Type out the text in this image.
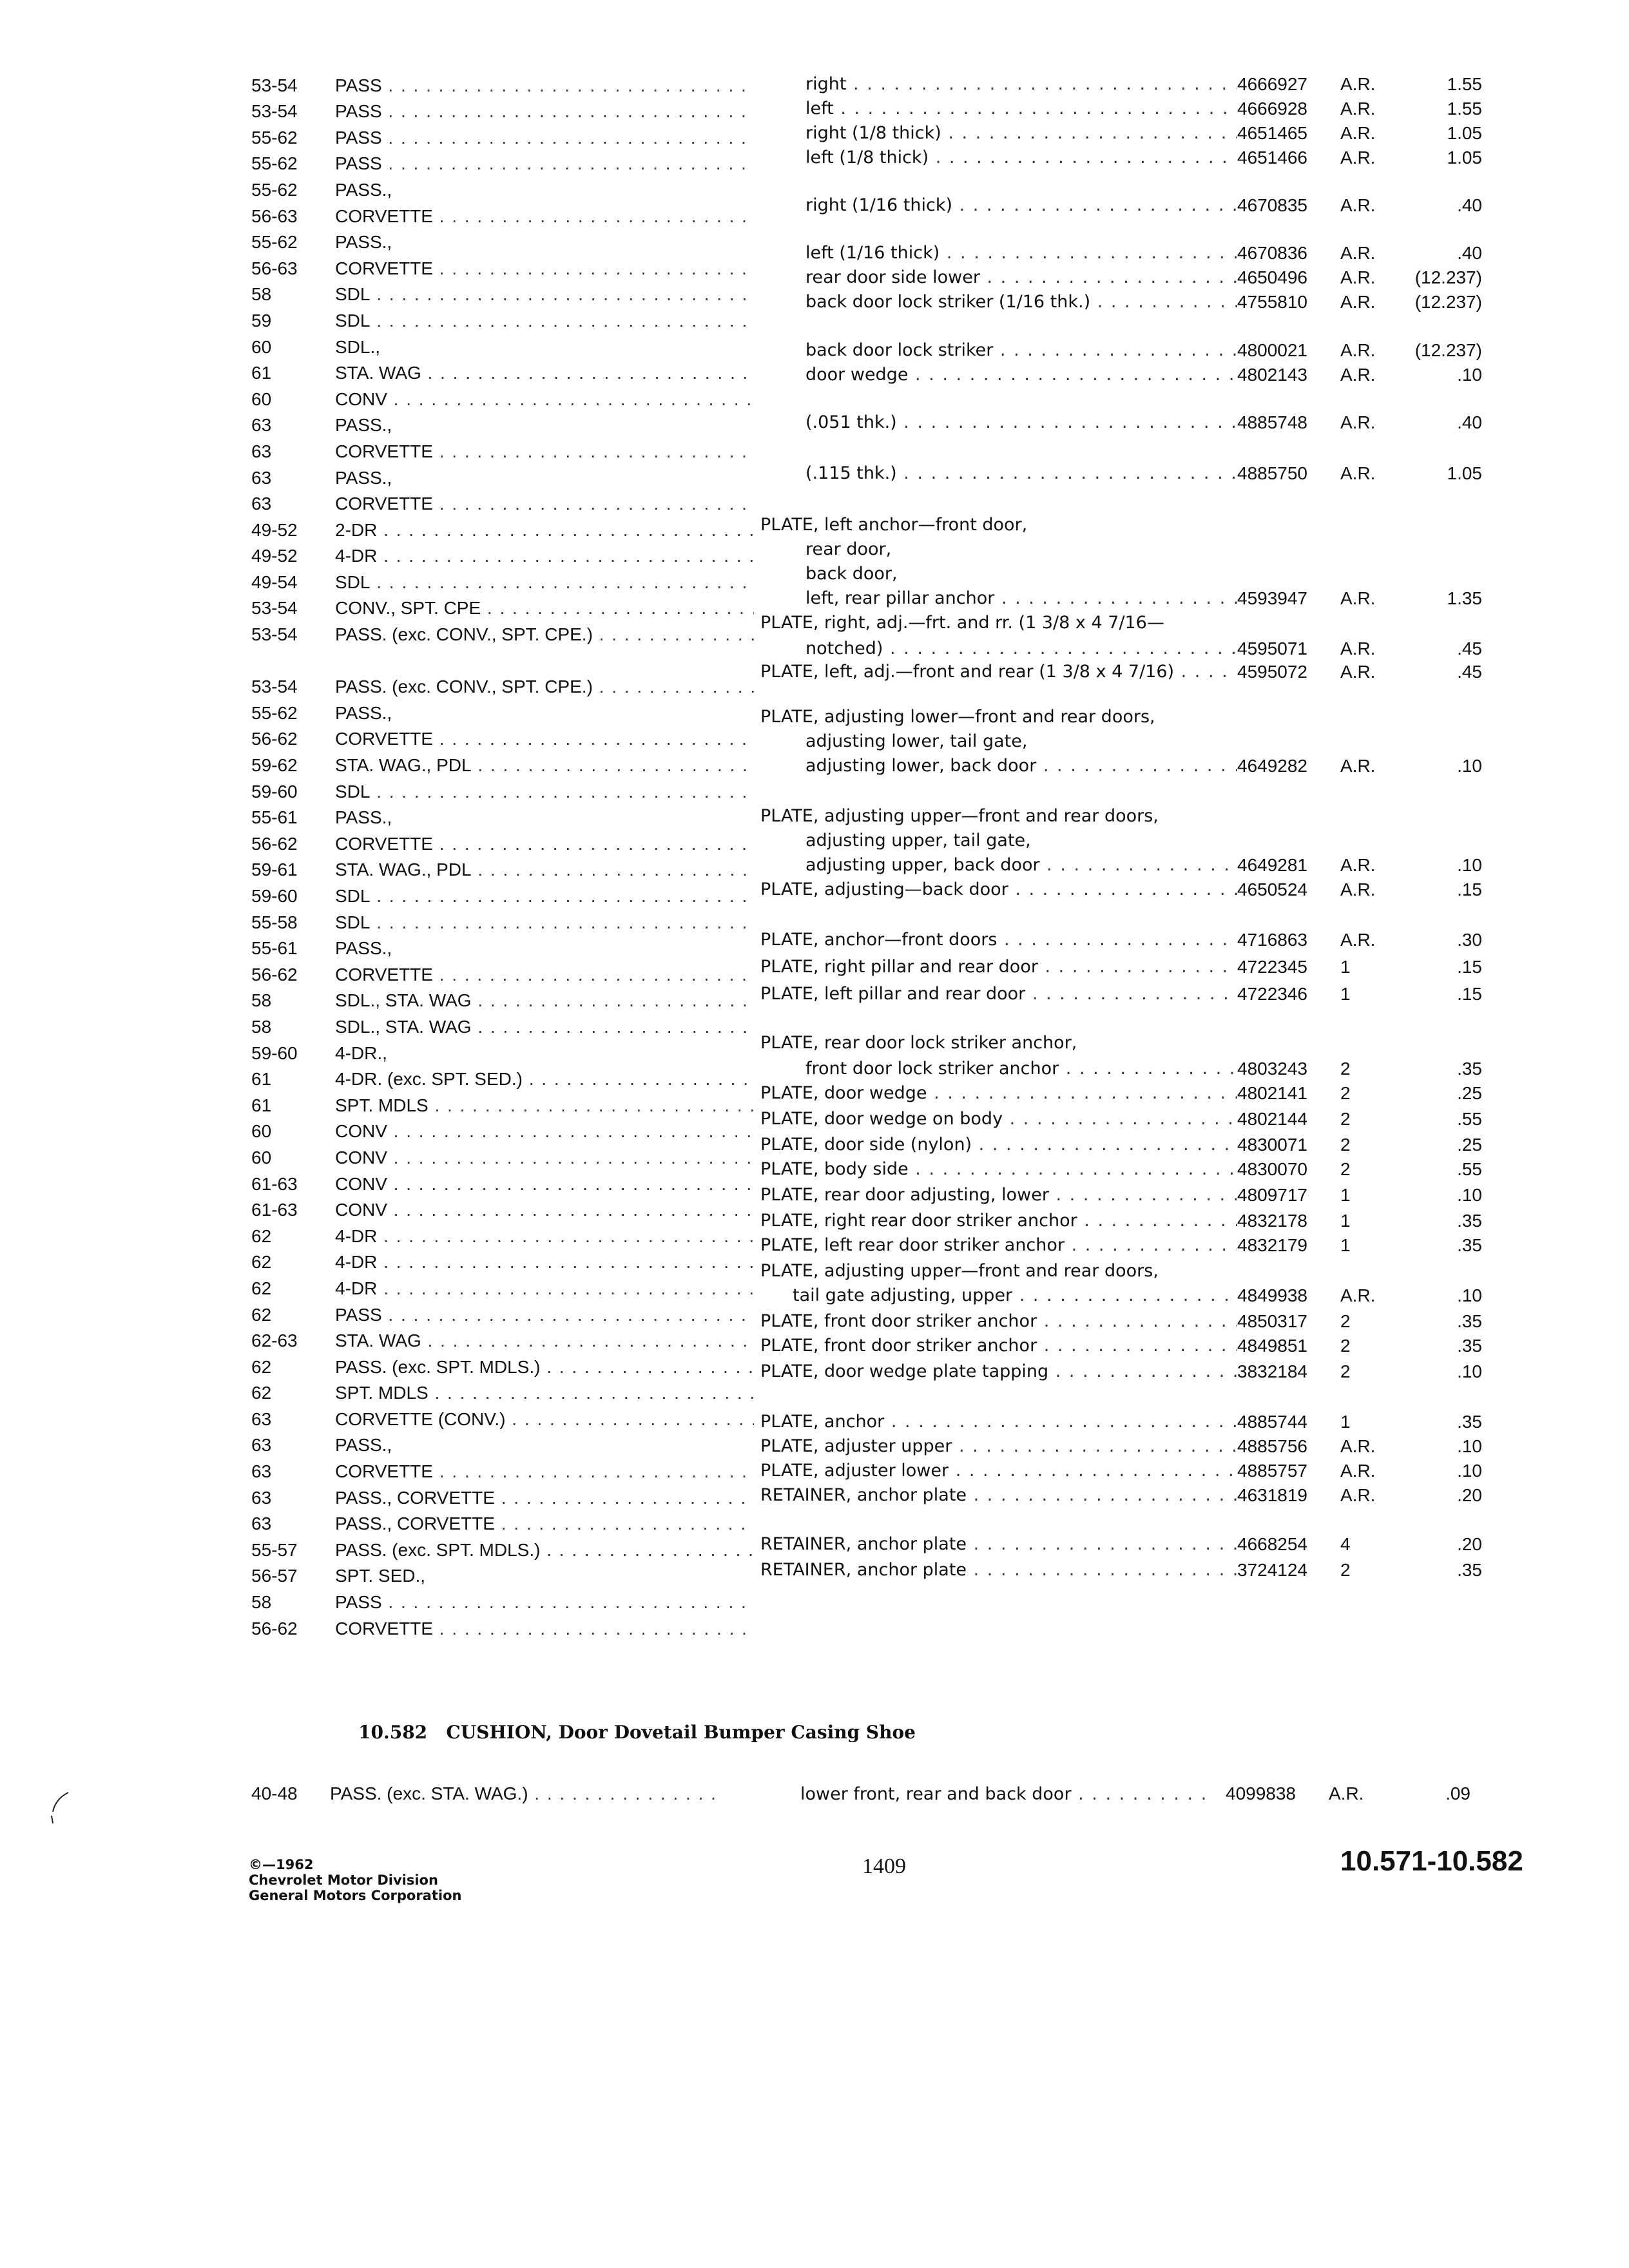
53-54	PASS . . .
53-54	PASS . . .
55-62	PASS . . .
55-62	PASS . . .
55-62	PASS.,
56-63	CORVETTE . . .
55-62	PASS.,
56-63	CORVETTE . . .
58	SDL . . .
59	SDL . . .
60	SDL.,
61	STA. WAG . . .
60	CONV . . .
63	PASS.,
63	CORVETTE . . .
63	PASS.,
63	CORVETTE . . .
49-52	2-DR . . .
49-52	4-DR . . .
49-54	SDL . . .
53-54	CONV., SPT. CPE . . .
53-54	PASS. (exc. CONV., SPT. CPE.) . . .
53-54	PASS. (exc. CONV., SPT. CPE.) . . .
55-62	PASS.,
56-62	CORVETTE . . .
59-62	STA. WAG., PDL . . .
59-60	SDL . . .
55-61	PASS.,
56-62	CORVETTE . . .
59-61	STA. WAG., PDL . . .
59-60	SDL . . .
55-58	SDL . . .
55-61	PASS.,
56-62	CORVETTE . . .
58	SDL., STA. WAG . . .
58	SDL., STA. WAG . . .
59-60	4-DR.,
61	4-DR. (exc. SPT. SED.) . . .
61	SPT. MDLS . . .
60	CONV . . .
60	CONV . . .
61-63	CONV . . .
61-63	CONV . . .
62	4-DR . . .
62	4-DR . . .
62	4-DR . . .
62	PASS . . .
62-63	STA. WAG . . .
62	PASS. (exc. SPT. MDLS.) . . .
62	SPT. MDLS . . .
63	CORVETTE (CONV.) . . .
63	PASS.,
63	CORVETTE . . .
63	PASS., CORVETTE . . .
63	PASS., CORVETTE . . .
55-57	PASS. (exc. SPT. MDLS.) . . .
56-57	SPT. SED.,
58	PASS . . .
56-62	CORVETTE . . .
right . . .	4666927	A.R.	1.55
left . . .	4666928	A.R.	1.55
right (1/8 thick) . . .	4651465	A.R.	1.05
left (1/8 thick) . . .	4651466	A.R.	1.05
right (1/16 thick) . . .	4670835	A.R.	.40
left (1/16 thick) . . .	4670836	A.R.	.40
rear door side lower . . .	4650496	A.R.	(12.237)
back door lock striker (1/16 thk.) . . .	4755810	A.R.	(12.237)
back door lock striker . . .	4800021	A.R.	(12.237)
door wedge . . .	4802143	A.R.	.10
(.051 thk.) . . .	4885748	A.R.	.40
(.115 thk.) . . .	4885750	A.R.	1.05
PLATE, left anchor—front door,
rear door,
back door,
left, rear pillar anchor . . .	4593947	A.R.	1.35
PLATE, right, adj.—frt. and rr. (1 3/8 x 4 7/16—
notched) . . .	4595071	A.R.	.45
PLATE, left, adj.—front and rear (1 3/8 x 4 7/16) . . .	4595072	A.R.	.45
PLATE, adjusting lower—front and rear doors,
adjusting lower, tail gate,
adjusting lower, back door . . .	4649282	A.R.	.10
PLATE, adjusting upper—front and rear doors,
adjusting upper, tail gate,
adjusting upper, back door . . .	4649281	A.R.	.10
PLATE, adjusting—back door . . .	4650524	A.R.	.15
PLATE, anchor—front doors . . .	4716863	A.R.	.30
PLATE, right pillar and rear door . . .	4722345	1	.15
PLATE, left pillar and rear door . . .	4722346	1	.15
PLATE, rear door lock striker anchor,
front door lock striker anchor . . .	4803243	2	.35
PLATE, door wedge . . .	4802141	2	.25
PLATE, door wedge on body . . .	4802144	2	.55
PLATE, door side (nylon) . . .	4830071	2	.25
PLATE, body side . . .	4830070	2	.55
PLATE, rear door adjusting, lower . . .	4809717	1	.10
PLATE, right rear door striker anchor . . .	4832178	1	.35
PLATE, left rear door striker anchor . . .	4832179	1	.35
PLATE, adjusting upper—front and rear doors,
tail gate adjusting, upper . . .	4849938	A.R.	.10
PLATE, front door striker anchor . . .	4850317	2	.35
PLATE, front door striker anchor . . .	4849851	2	.35
PLATE, door wedge plate tapping . . .	3832184	2	.10
PLATE, anchor . . .	4885744	1	.35
PLATE, adjuster upper . . .	4885756	A.R.	.10
PLATE, adjuster lower . . .	4885757	A.R.	.10
RETAINER, anchor plate . . .	4631819	A.R.	.20
RETAINER, anchor plate . . .	4668254	4	.20
RETAINER, anchor plate . . .	3724124	2	.35
10.582 CUSHION, Door Dovetail Bumper Casing Shoe
40-48	PASS. (exc. STA. WAG.) . . .	lower front, rear and back door . . .	4099838	A.R.	.09
©—1962
Chevrolet Motor Division
General Motors Corporation
1409	10.571-10.582
